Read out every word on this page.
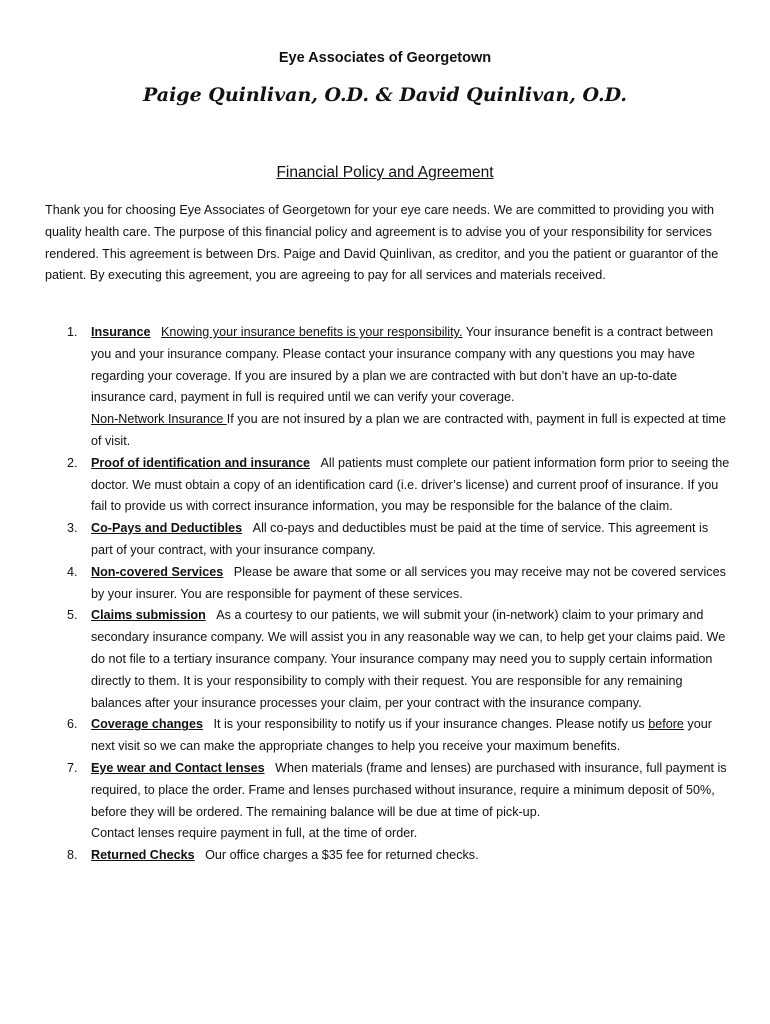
Eye Associates of Georgetown
Paige Quinlivan, O.D. & David Quinlivan, O.D.
Financial Policy and Agreement
Thank you for choosing Eye Associates of Georgetown for your eye care needs. We are committed to providing you with quality health care. The purpose of this financial policy and agreement is to advise you of your responsibility for services rendered. This agreement is between Drs. Paige and David Quinlivan, as creditor, and you the patient or guarantor of the patient. By executing this agreement, you are agreeing to pay for all services and materials received.
1. Insurance Knowing your insurance benefits is your responsibility. Your insurance benefit is a contract between you and your insurance company. Please contact your insurance company with any questions you may have regarding your coverage. If you are insured by a plan we are contracted with but don’t have an up-to-date insurance card, payment in full is required until we can verify your coverage.
Non-Network Insurance If you are not insured by a plan we are contracted with, payment in full is expected at time of visit.
2. Proof of identification and insurance All patients must complete our patient information form prior to seeing the doctor. We must obtain a copy of an identification card (i.e. driver’s license) and current proof of insurance. If you fail to provide us with correct insurance information, you may be responsible for the balance of the claim.
3. Co-Pays and Deductibles All co-pays and deductibles must be paid at the time of service. This agreement is part of your contract, with your insurance company.
4. Non-covered Services Please be aware that some or all services you may receive may not be covered services by your insurer. You are responsible for payment of these services.
5. Claims submission As a courtesy to our patients, we will submit your (in-network) claim to your primary and secondary insurance company. We will assist you in any reasonable way we can, to help get your claims paid. We do not file to a tertiary insurance company. Your insurance company may need you to supply certain information directly to them. It is your responsibility to comply with their request. You are responsible for any remaining balances after your insurance processes your claim, per your contract with the insurance company.
6. Coverage changes It is your responsibility to notify us if your insurance changes. Please notify us before your next visit so we can make the appropriate changes to help you receive your maximum benefits.
7. Eye wear and Contact lenses When materials (frame and lenses) are purchased with insurance, full payment is required, to place the order. Frame and lenses purchased without insurance, require a minimum deposit of 50%, before they will be ordered. The remaining balance will be due at time of pick-up.
Contact lenses require payment in full, at the time of order.
8. Returned Checks Our office charges a $35 fee for returned checks.
